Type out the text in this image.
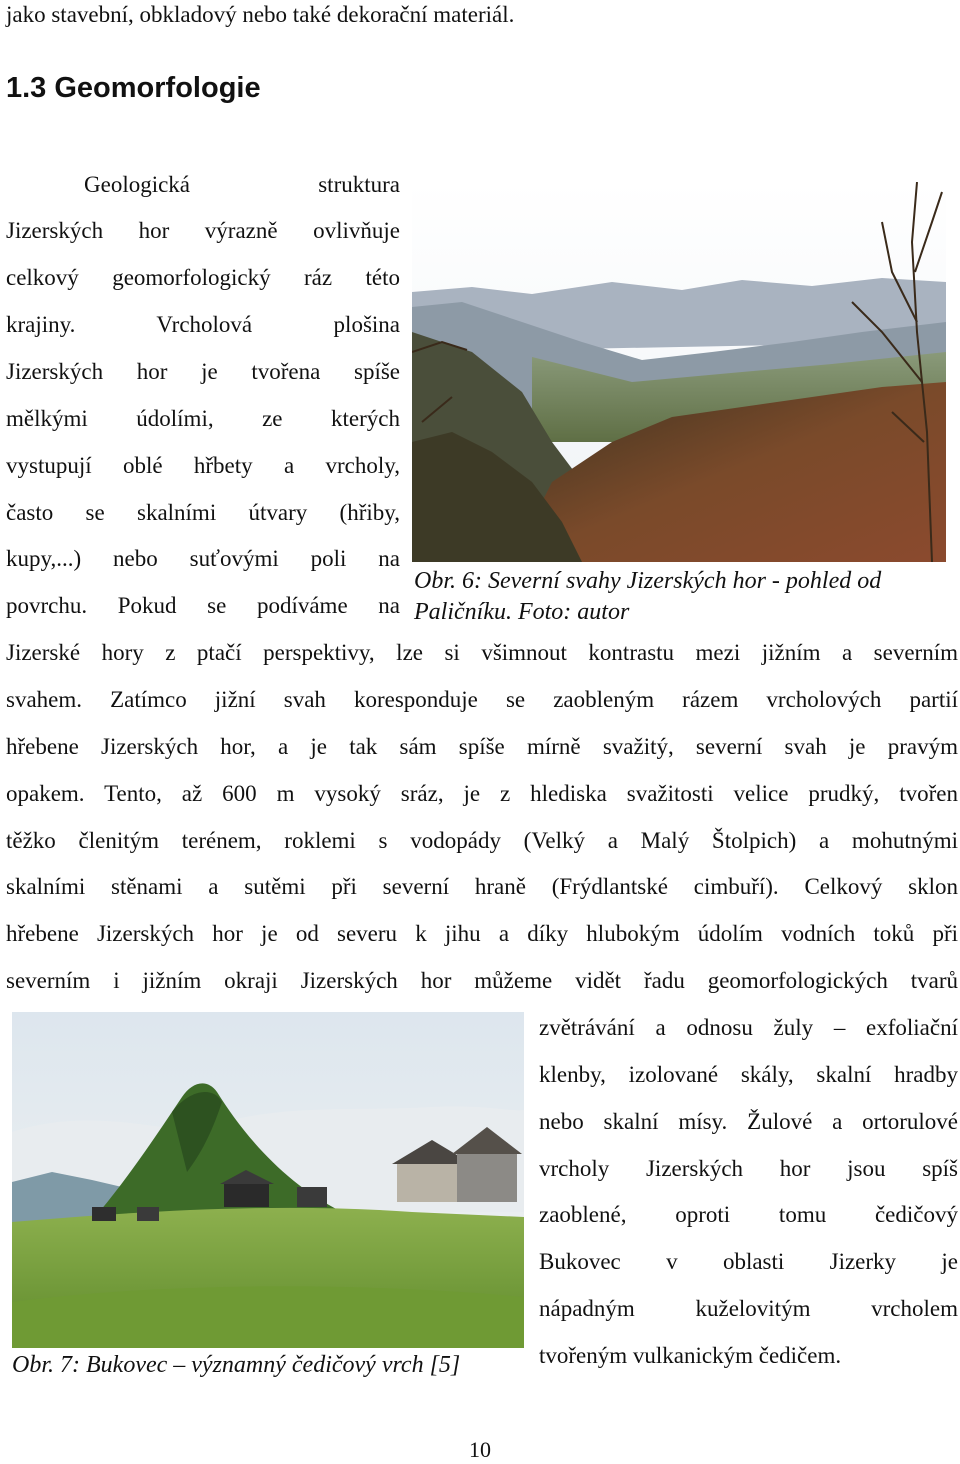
jako stavební, obkladový nebo také dekorační materiál.

1.3 Geomorfologie

Geologická struktura

Jizerských hor výrazně ovlivňuje

celkový geomorfologický ráz této

krajiny. Vrcholová plošina

Jizerských hor je tvořena spíše

mělkými údolími, ze kterých

vystupují oblé hřbety a vrcholy,

často se skalními útvary (hřiby,

kupy,...) nebo suťovými poli na

povrchu. Pokud se podíváme na

Obr. 6: Severní svahy Jizerských hor - pohled od

Paličníku. Foto: autor

Jizerské hory z ptačí perspektivy, lze si všimnout kontrastu mezi jižním a severním

svahem. Zatímco jižní svah koresponduje se zaobleným rázem vrcholových partií

hřebene Jizerských hor, a je tak sám spíše mírně svažitý, severní svah je pravým

opakem. Tento, až 600 m vysoký sráz, je z hlediska svažitosti velice prudký, tvořen

těžko členitým terénem, roklemi s vodopády (Velký a Malý Štolpich) a mohutnými

skalními stěnami a sutěmi při severní hraně (Frýdlantské cimbuří). Celkový sklon

hřebene Jizerských hor je od severu k jihu a díky hlubokým údolím vodních toků při

severním i jižním okraji Jizerských hor můžeme vidět řadu geomorfologických tvarů

Obr. 7: Bukovec – významný čedičový vrch [5]

zvětrávání a odnosu žuly – exfoliační

klenby, izolované skály, skalní hradby

nebo skalní mísy. Žulové a ortorulové

vrcholy Jizerských hor jsou spíš

zaoblené, oproti tomu čedičový

Bukovec v oblasti Jizerky je

nápadným kuželovitým vrcholem

tvořeným vulkanickým čedičem.

10
